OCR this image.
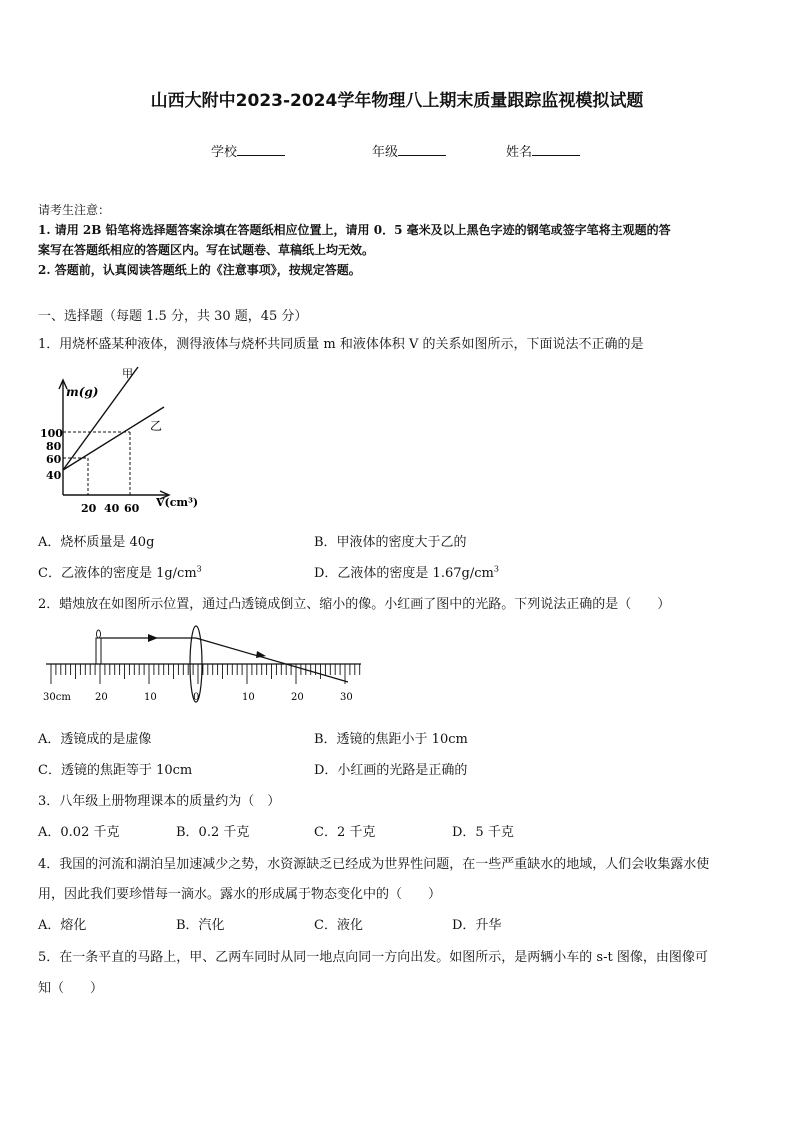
山西大附中2023-2024学年物理八上期末质量跟踪监视模拟试题
学校	年级	姓名
请考生注意：
1. 请用 2B 铅笔将选择题答案涂填在答题纸相应位置上，请用 0．5 毫米及以上黑色字迹的钢笔或签字笔将主观题的答
案写在答题纸相应的答题区内。写在试题卷、草稿纸上均无效。
2. 答题前，认真阅读答题纸上的《注意事项》，按规定答题。
一、选择题（每题 1.5 分，共 30 题，45 分）
1．用烧杯盛某种液体，测得液体与烧杯共同质量 m 和液体体积 V 的关系如图所示，下面说法不正确的是
m(g)
V(cm³)
100
80
60
40
20 40 60
甲
乙
A．烧杯质量是 40g	B．甲液体的密度大于乙的
C．乙液体的密度是 $1g/cm^3$	D．乙液体的密度是 $1.67g/cm^3$
2．蜡烛放在如图所示位置，通过凸透镜成倒立、缩小的像。小红画了图中的光路。下列说法正确的是（　　）
30cm 20	10	0	10	20	30
A．透镜成的是虚像	B．透镜的焦距小于 10cm
C．透镜的焦距等于 10cm	D．小红画的光路是正确的
3．八年级上册物理课本的质量约为（　）
A．0.02 千克	B．0.2 千克	C．2 千克	D．5 千克
4．我国的河流和湖泊呈加速减少之势，水资源缺乏已经成为世界性问题，在一些严重缺水的地域，人们会收集露水使
用，因此我们要珍惜每一滴水。露水的形成属于物态变化中的（　　）
A．熔化	B．汽化	C．液化	D．升华
5．在一条平直的马路上，甲、乙两车同时从同一地点向同一方向出发。如图所示，是两辆小车的 s-t 图像，由图像可
知（　　）
